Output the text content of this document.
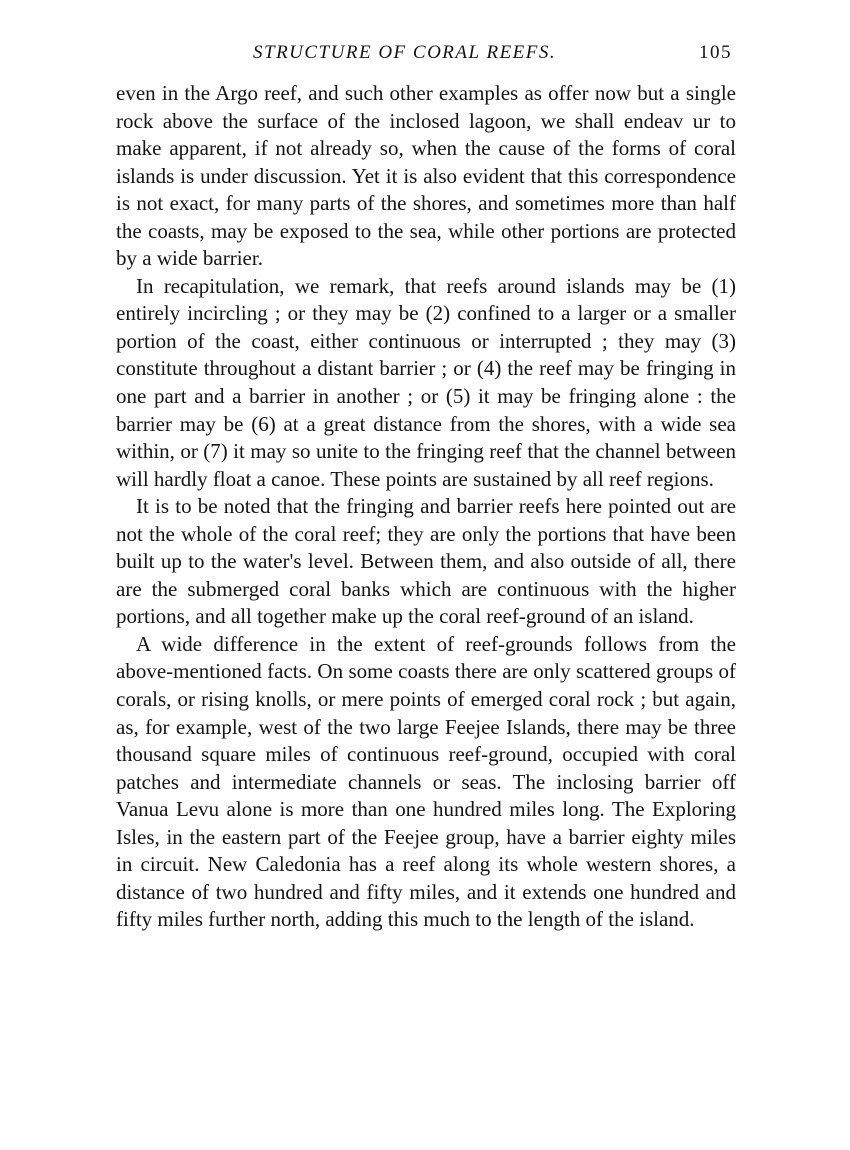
STRUCTURE OF CORAL REEFS.	105

even in the Argo reef, and such other examples as offer now but a single rock above the surface of the inclosed lagoon, we shall endeav ur to make apparent, if not already so, when the cause of the forms of coral islands is under discussion. Yet it is also evident that this correspondence is not exact, for many parts of the shores, and sometimes more than half the coasts, may be exposed to the sea, while other portions are protected by a wide barrier.

In recapitulation, we remark, that reefs around islands may be (1) entirely incircling ; or they may be (2) confined to a larger or a smaller portion of the coast, either continuous or interrupted ; they may (3) constitute throughout a distant barrier ; or (4) the reef may be fringing in one part and a barrier in another ; or (5) it may be fringing alone : the barrier may be (6) at a great distance from the shores, with a wide sea within, or (7) it may so unite to the fringing reef that the channel between will hardly float a canoe. These points are sustained by all reef regions.

It is to be noted that the fringing and barrier reefs here pointed out are not the whole of the coral reef; they are only the portions that have been built up to the water's level. Between them, and also outside of all, there are the submerged coral banks which are continuous with the higher portions, and all together make up the coral reef-ground of an island.

A wide difference in the extent of reef-grounds follows from the above-mentioned facts. On some coasts there are only scattered groups of corals, or rising knolls, or mere points of emerged coral rock ; but again, as, for example, west of the two large Feejee Islands, there may be three thousand square miles of continuous reef-ground, occupied with coral patches and intermediate channels or seas. The inclosing barrier off Vanua Levu alone is more than one hundred miles long. The Exploring Isles, in the eastern part of the Feejee group, have a barrier eighty miles in circuit. New Caledonia has a reef along its whole western shores, a distance of two hundred and fifty miles, and it extends one hundred and fifty miles further north, adding this much to the length of the island.
